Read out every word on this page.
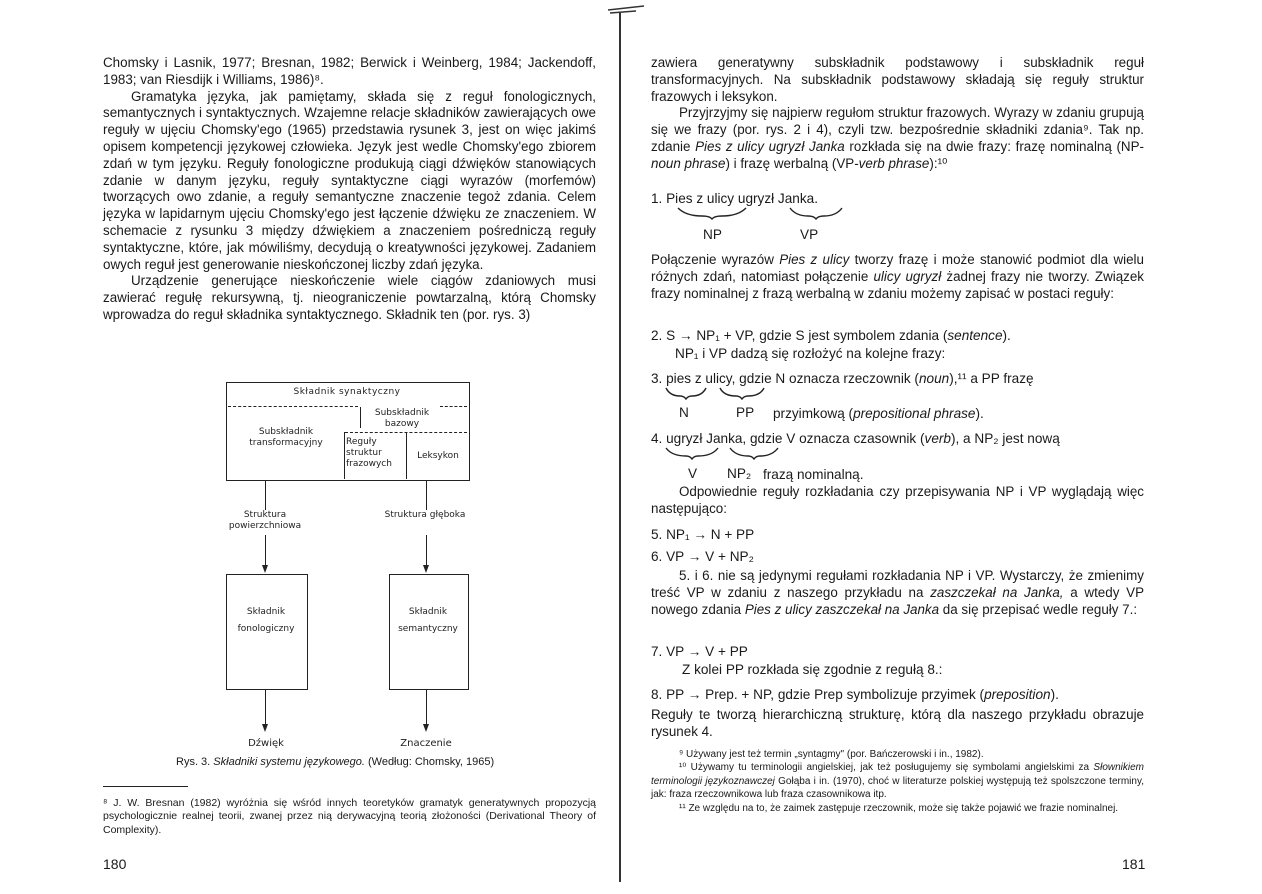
Chomsky i Lasnik, 1977; Bresnan, 1982; Berwick i Weinberg, 1984; Jackendoff, 1983; van Riesdijk i Williams, 1986)⁸.

Gramatyka języka, jak pamiętamy, składa się z reguł fonologicznych, semantycznych i syntaktycznych. Wzajemne relacje składników zawierających owe reguły w ujęciu Chomsky'ego (1965) przedstawia rysunek 3, jest on więc jakimś opisem kompetencji językowej człowieka. Język jest wedle Chomsky'ego zbiorem zdań w tym języku. Reguły fonologiczne produkują ciągi dźwięków stanowiących zdanie w danym języku, reguły syntaktyczne ciągi wyrazów (morfemów) tworzących owo zdanie, a reguły semantyczne znaczenie tegoż zdania. Celem języka w lapidarnym ujęciu Chomsky'ego jest łączenie dźwięku ze znaczeniem. W schemacie z rysunku 3 między dźwiękiem a znaczeniem pośredniczą reguły syntaktyczne, które, jak mówiliśmy, decydują o kreatywności językowej. Zadaniem owych reguł jest generowanie nieskończonej liczby zdań języka.

Urządzenie generujące nieskończenie wiele ciągów zdaniowych musi zawierać regułę rekursywną, tj. nieograniczenie powtarzalną, którą Chomsky wprowadza do reguł składnika syntaktycznego. Składnik ten (por. rys. 3)

Składnik synaktyczny
Subskładnik bazowy
Subskładnik transformacyjny	Reguły struktur frazowych
Leksykon
Struktura powierzchniowa
Struktura głęboka
Składnik fonologiczny
Składnik semantyczny
Dźwięk	Znaczenie
Rys. 3. Składniki systemu językowego. (Według: Chomsky, 1965)
⁸ J. W. Bresnan (1982) wyróżnia się wśród innych teoretyków gramatyk generatywnych propozycją psychologicznie realnej teorii, zwanej przez nią derywacyjną teorią złożoności (Derivational Theory of Complexity).
180

zawiera generatywny subskładnik podstawowy i subskładnik reguł transformacyjnych. Na subskładnik podstawowy składają się reguły struktur frazowych i leksykon.

Przyjrzyjmy się najpierw regułom struktur frazowych. Wyrazy w zdaniu grupują się we frazy (por. rys. 2 i 4), czyli tzw. bezpośrednie składniki zdania⁹. Tak np. zdanie Pies z ulicy ugryzł Janka rozkłada się na dwie frazy: frazę nominalną (NP-noun phrase) i frazę werbalną (VP-verb phrase):¹⁰

1. Pies z ulicy ugryzł Janka.
NP	VP

Połączenie wyrazów Pies z ulicy tworzy frazę i może stanowić podmiot dla wielu różnych zdań, natomiast połączenie ulicy ugryzł żadnej frazy nie tworzy. Związek frazy nominalnej z frazą werbalną w zdaniu możemy zapisać w postaci reguły:

2. S → NP₁ + VP, gdzie S jest symbolem zdania (sentence).
NP₁ i VP dadzą się rozłożyć na kolejne frazy:
3. pies z ulicy, gdzie N oznacza rzeczownik (noun),¹¹ a PP frazę
N	PP przyimkową (prepositional phrase).
4. ugryzł Janka, gdzie V oznacza czasownik (verb), a NP₂ jest nową
V NP₂ frazą nominalną.

Odpowiednie reguły rozkładania czy przepisywania NP i VP wyglądają więc następująco:

5. NP₁ → N + PP
6. VP → V + NP₂

5. i 6. nie są jedynymi regułami rozkładania NP i VP. Wystarczy, że zmienimy treść VP w zdaniu z naszego przykładu na zaszczekał na Janka, a wtedy VP nowego zdania Pies z ulicy zaszczekał na Janka da się przepisać wedle reguły 7.:

7. VP → V + PP
Z kolei PP rozkłada się zgodnie z regułą 8.:
8. PP → Prep. + NP, gdzie Prep symbolizuje przyimek (preposition).

Reguły te tworzą hierarchiczną strukturę, którą dla naszego przykładu obrazuje rysunek 4.

⁹ Używany jest też termin „syntagmy" (por. Bańczerowski i in., 1982).

¹⁰ Używamy tu terminologii angielskiej, jak też posługujemy się symbolami angielskimi za Słownikiem terminologii językoznawczej Gołąba i in. (1970), choć w literaturze polskiej występują też spolszczone terminy, jak: fraza rzeczownikowa lub fraza czasownikowa itp.

¹¹ Ze względu na to, że zaimek zastępuje rzeczownik, może się także pojawić we frazie nominalnej.

181
